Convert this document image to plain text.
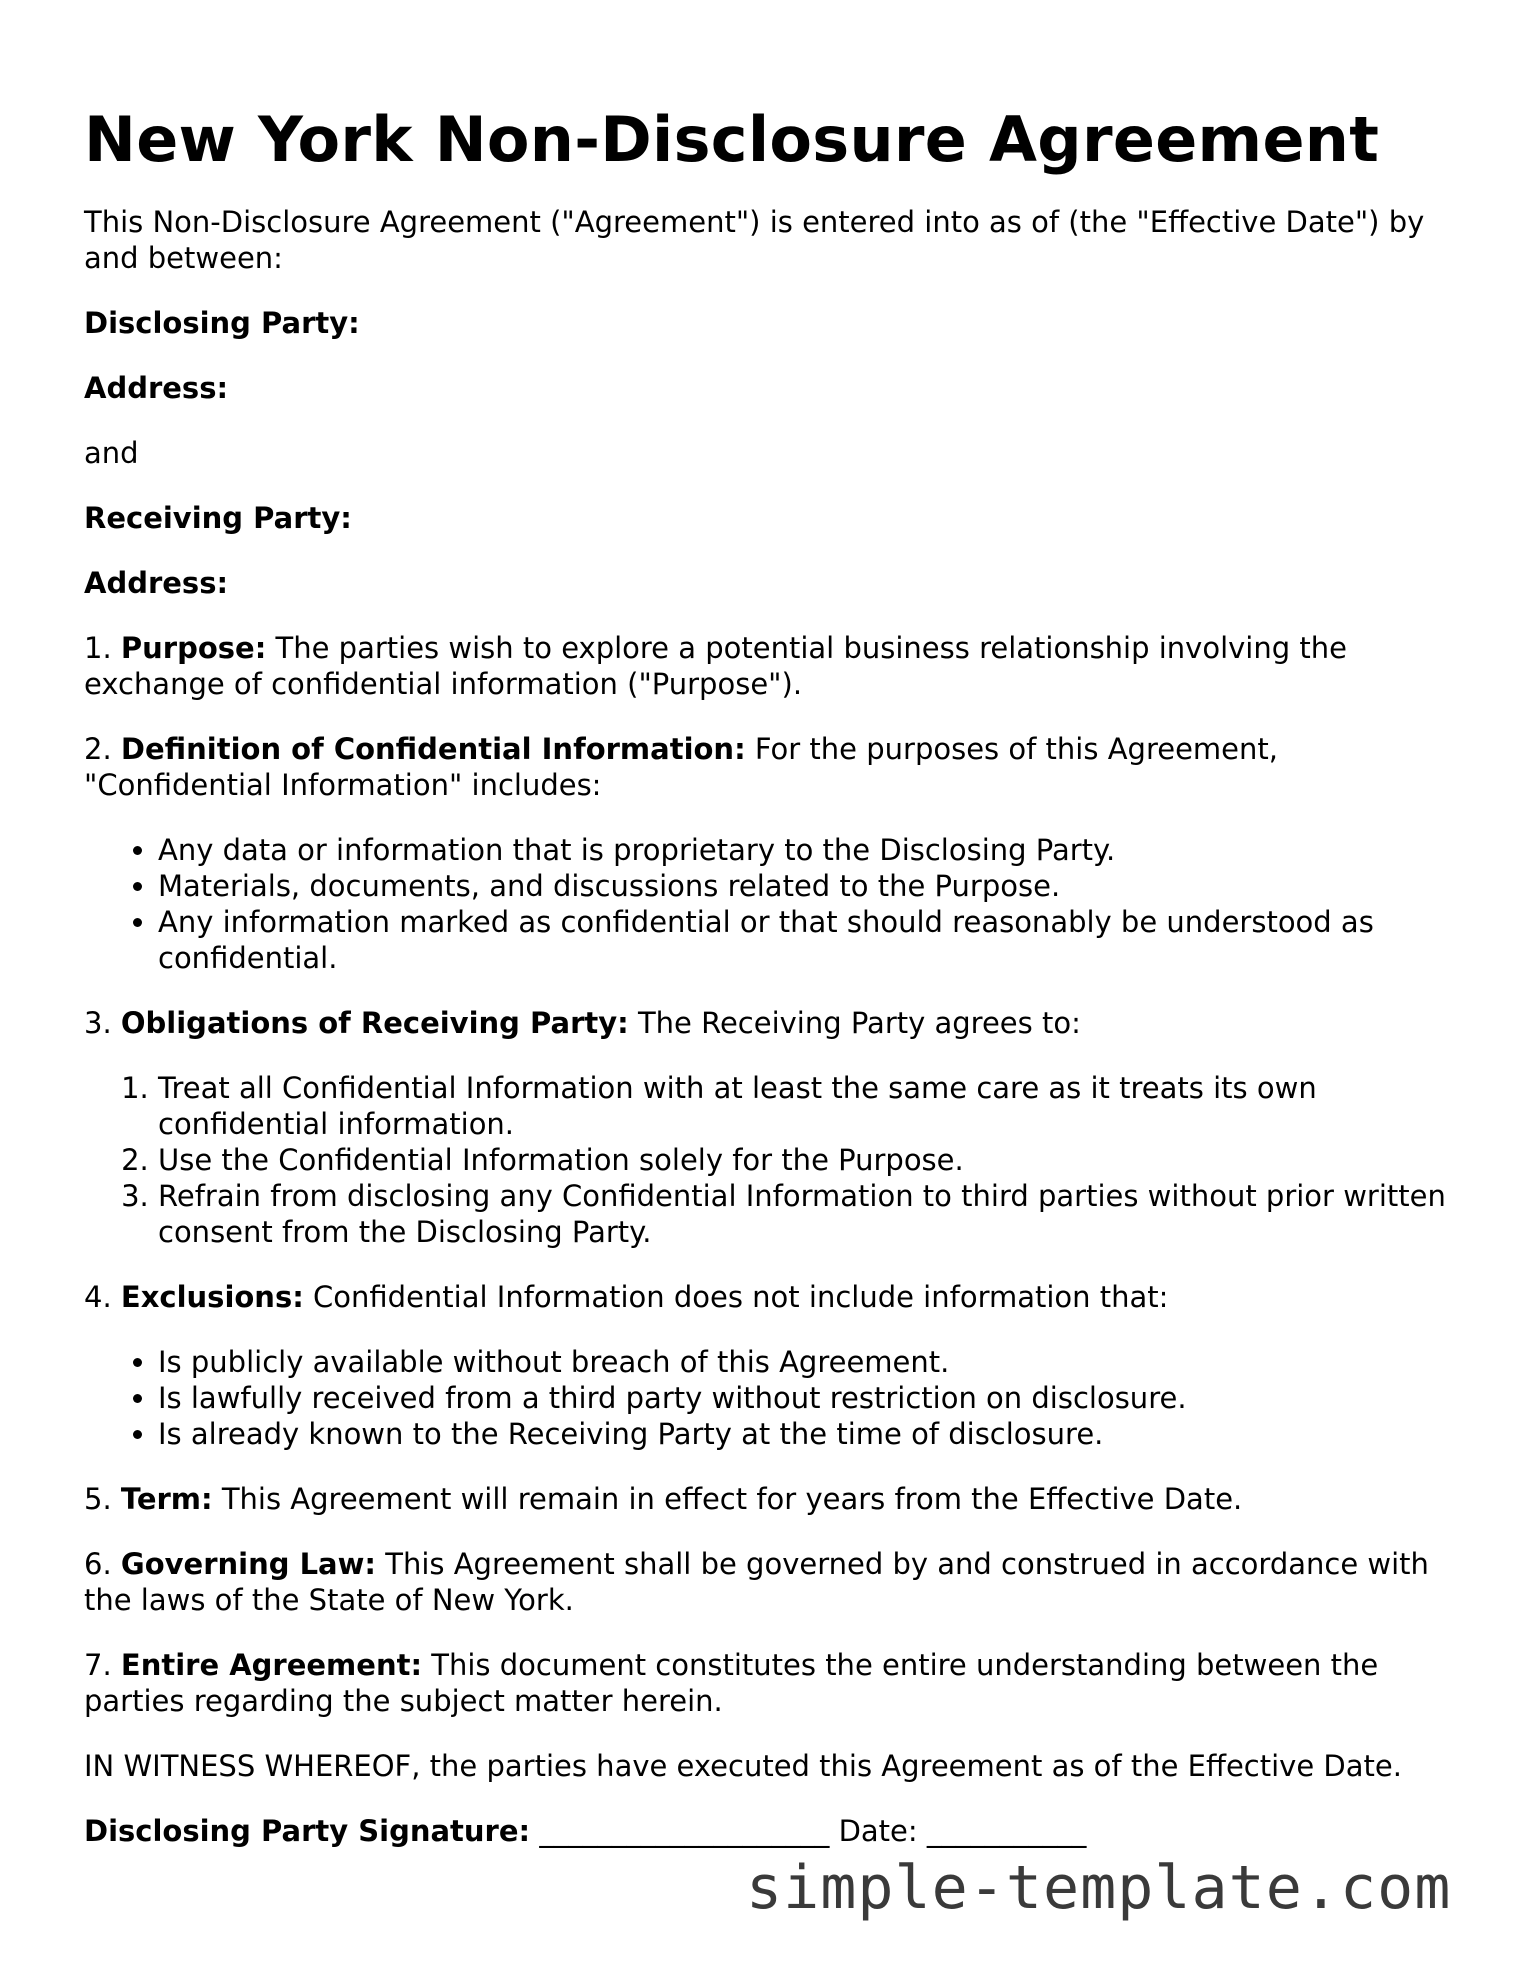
New York Non-Disclosure Agreement

This Non-Disclosure Agreement ("Agreement") is entered into as of (the "Effective Date") by and between:

Disclosing Party:

Address:

and

Receiving Party:

Address:

1. Purpose: The parties wish to explore a potential business relationship involving the exchange of confidential information ("Purpose").

2. Definition of Confidential Information: For the purposes of this Agreement, "Confidential Information" includes:

• Any data or information that is proprietary to the Disclosing Party.
• Materials, documents, and discussions related to the Purpose.
• Any information marked as confidential or that should reasonably be understood as confidential.

3. Obligations of Receiving Party: The Receiving Party agrees to:

1. Treat all Confidential Information with at least the same care as it treats its own confidential information.
2. Use the Confidential Information solely for the Purpose.
3. Refrain from disclosing any Confidential Information to third parties without prior written consent from the Disclosing Party.

4. Exclusions: Confidential Information does not include information that:

• Is publicly available without breach of this Agreement.
• Is lawfully received from a third party without restriction on disclosure.
• Is already known to the Receiving Party at the time of disclosure.

5. Term: This Agreement will remain in effect for years from the Effective Date.

6. Governing Law: This Agreement shall be governed by and construed in accordance with the laws of the State of New York.

7. Entire Agreement: This document constitutes the entire understanding between the parties regarding the subject matter herein.

IN WITNESS WHEREOF, the parties have executed this Agreement as of the Effective Date.

Disclosing Party Signature: ____________________ Date: ___________

simple-template.com
